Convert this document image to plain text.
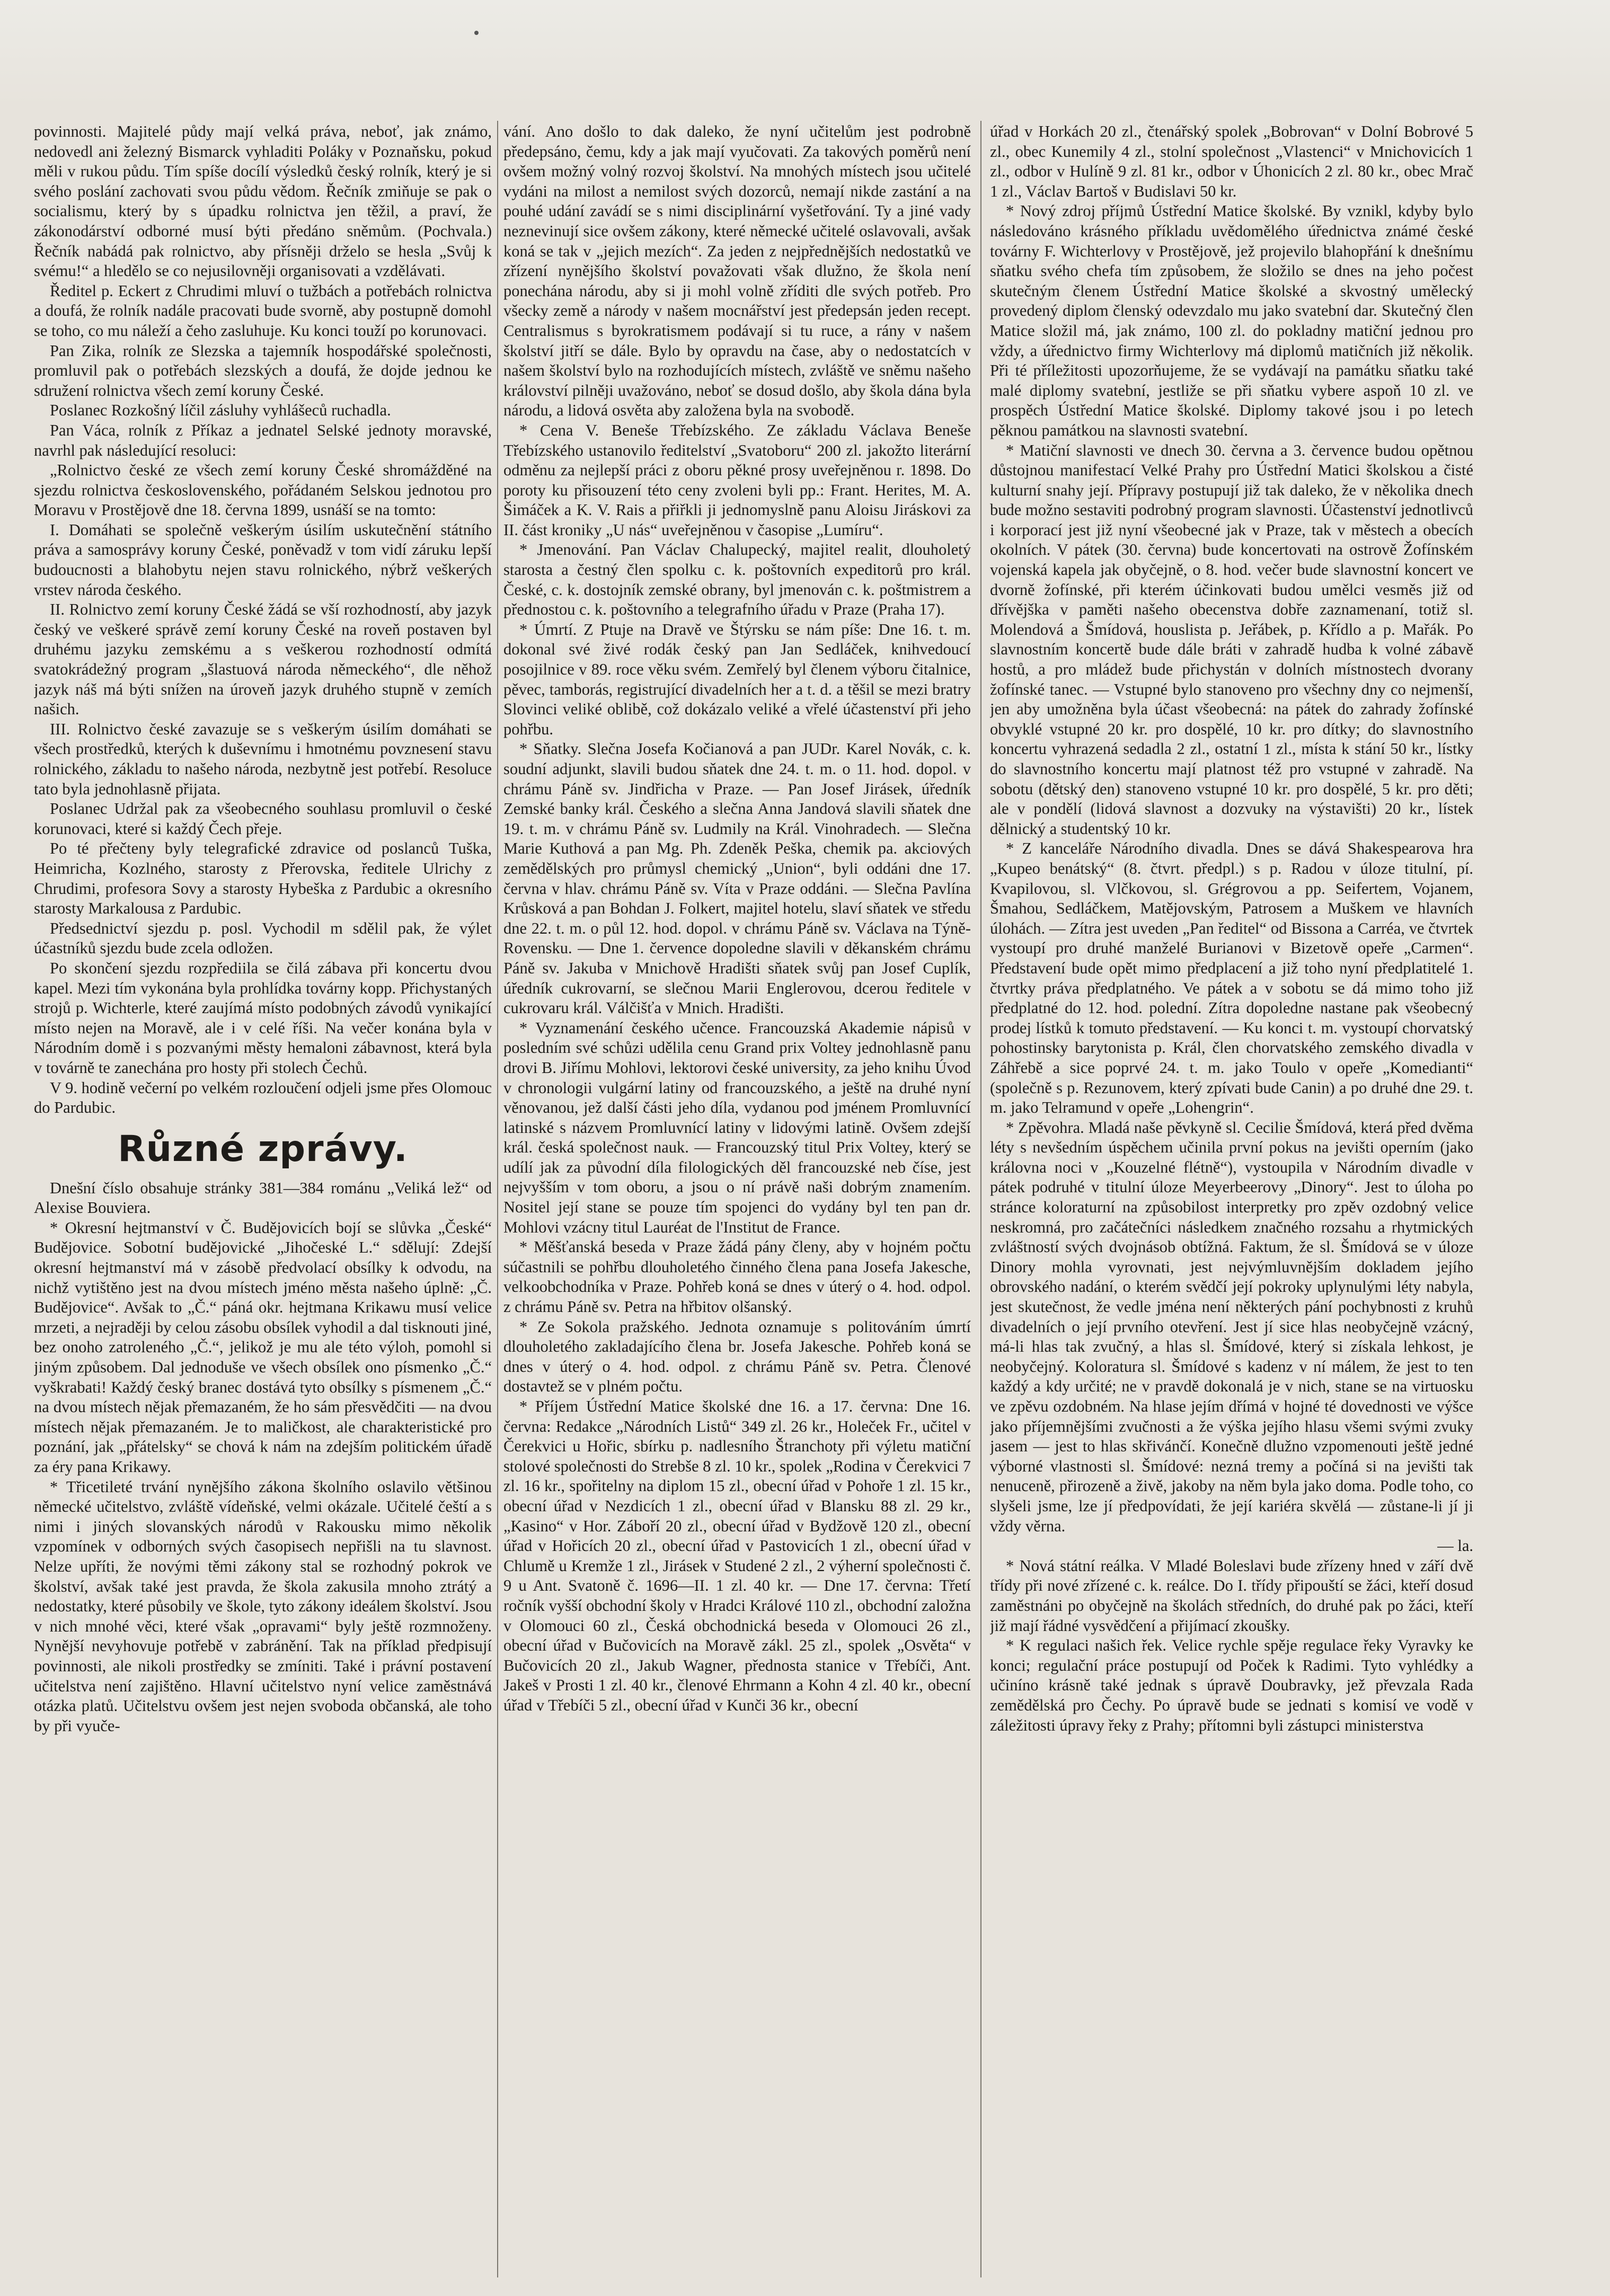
povinnosti. Majitelé půdy mají velká práva, neboť, jak známo, nedovedl ani železný Bismarck vyhladiti Poláky v Poznaňsku, pokud měli v rukou půdu. Tím spíše docílí výsledků český rolník, který je si svého poslání zachovati svou půdu vědom. Řečník zmiňuje se pak o socialismu, který by s úpadku rolnictva jen těžil, a praví, že zákonodárství odborné musí býti předáno sněmům. (Pochvala.) Řečník nabádá pak rolnictvo, aby přísněji drželo se hesla „Svůj k svému!“ a hledělo se co nejusilovněji organisovati a vzdělávati.

Ředitel p. Eckert z Chrudimi mluví o tužbách a potřebách rolnictva a doufá, že rolník nadále pracovati bude svorně, aby postupně domohl se toho, co mu náleží a čeho zasluhuje. Ku konci touží po korunovaci.

Pan Zika, rolník ze Slezska a tajemník hospodářské společnosti, promluvil pak o potřebách slezských a doufá, že dojde jednou ke sdružení rolnictva všech zemí koruny České.

Poslanec Rozkošný líčil zásluhy vyhlášeců ruchadla.

Pan Váca, rolník z Příkaz a jednatel Selské jednoty moravské, navrhl pak následující resoluci:

„Rolnictvo české ze všech zemí koruny České shromážděné na sjezdu rolnictva československého, pořádaném Selskou jednotou pro Moravu v Prostějově dne 18. června 1899, usnáší se na tomto:

I. Domáhati se společně veškerým úsilím uskutečnění státního práva a samosprávy koruny České, poněvadž v tom vidí záruku lepší budoucnosti a blahobytu nejen stavu rolnického, nýbrž veškerých vrstev národa českého.

II. Rolnictvo zemí koruny České žádá se vší rozhodností, aby jazyk český ve veškeré správě zemí koruny České na roveň postaven byl druhému jazyku zemskému a s veškerou rozhodností odmítá svatokrádežný program „šlastuová národa německého“, dle něhož jazyk náš má býti snížen na úroveň jazyk druhého stupně v zemích našich.

III. Rolnictvo české zavazuje se s veškerým úsilím domáhati se všech prostředků, kterých k duševnímu i hmotnému povznesení stavu rolnického, základu to našeho národa, nezbytně jest potřebí. Resoluce tato byla jednohlasně přijata.

Poslanec Udržal pak za všeobecného souhlasu promluvil o české korunovaci, které si každý Čech přeje.

Po té přečteny byly telegrafické zdravice od poslanců Tuška, Heimricha, Kozlného, starosty z Přerovska, ředitele Ulrichy z Chrudimi, profesora Sovy a starosty Hybeška z Pardubic a okresního starosty Markalousa z Pardubic.

Předsednictví sjezdu p. posl. Vychodil m sdělil pak, že výlet účastníků sjezdu bude zcela odložen.

Po skončení sjezdu rozpřediila se čilá zábava při koncertu dvou kapel. Mezi tím vykonána byla prohlídka továrny kopp. Přichystaných strojů p. Wichterle, které zaujímá místo podobných závodů vynikající místo nejen na Moravě, ale i v celé říši. Na večer konána byla v Národním domě i s pozvanými městy hemaloni zábavnost, která byla v továrně te zanechána pro hosty při stolech Čechů.

V 9. hodině večerní po velkém rozloučení odjeli jsme přes Olomouc do Pardubic.

Různé zprávy.

Dnešní číslo obsahuje stránky 381—384 románu „Veliká lež“ od Alexise Bouviera.

* Okresní hejtmanství v Č. Budějovicích bojí se slůvka „České“ Budějovice. Sobotní budějovické „Jihočeské L.“ sdělují: Zdejší okresní hejtmanství má v zásobě předvolací obsílky k odvodu, na nichž vytištěno jest na dvou místech jméno města našeho úplně: „Č. Budějovice“. Avšak to „Č.“ páná okr. hejtmana Krikawu musí velice mrzeti, a nejraději by celou zásobu obsílek vyhodil a dal tisknouti jiné, bez onoho zatroleného „Č.“, jelikož je mu ale této výloh, pomohl si jiným způsobem. Dal jednoduše ve všech obsílek ono písmenko „Č.“ vyškrabati! Každý český branec dostává tyto obsílky s písmenem „Č.“ na dvou místech nějak přemazaném, že ho sám přesvědčiti — na dvou místech nějak přemazaném. Je to maličkost, ale charakteristické pro poznání, jak „přátelsky“ se chová k nám na zdejším politickém úřadě za éry pana Krikawy.

* Třicetileté trvání nynějšího zákona školního oslavilo většinou německé učitelstvo, zvláště vídeňské, velmi okázale. Učitelé čeští a s nimi i jiných slovanských národů v Rakousku mimo několik vzpomínek v odborných svých časopisech nepřišli na tu slavnost. Nelze upříti, že novými těmi zákony stal se rozhodný pokrok ve školství, avšak také jest pravda, že škola zakusila mnoho ztrátý a nedostatky, které působily ve škole, tyto zákony ideálem školství. Jsou v nich mnohé věci, které však „opravami“ byly ještě rozmnoženy. Nynější nevyhovuje potřebě v zabránění. Tak na příklad předpisují povinnosti, ale nikoli prostředky se zmíniti. Také i právní postavení učitelstva není zajištěno. Hlavní učitelstvo nyní velice zaměstnává otázka platů. Učitelstvu ovšem jest nejen svoboda občanská, ale toho by při vyuče-

vání. Ano došlo to dak daleko, že nyní učitelům jest podrobně předepsáno, čemu, kdy a jak mají vyučovati. Za takových poměrů není ovšem možný volný rozvoj školství. Na mnohých místech jsou učitelé vydáni na milost a nemilost svých dozorců, nemají nikde zastání a na pouhé udání zavádí se s nimi disciplinární vyšetřování. Ty a jiné vady neznevinují sice ovšem zákony, které německé učitelé oslavovali, avšak koná se tak v „jejich mezích“. Za jeden z nejpřednějších nedostatků ve zřízení nynějšího školství považovati však dlužno, že škola není ponechána národu, aby si ji mohl volně zříditi dle svých potřeb. Pro všecky země a národy v našem mocnářství jest předepsán jeden recept. Centralismus s byrokratismem podávají si tu ruce, a rány v našem školství jitří se dále. Bylo by opravdu na čase, aby o nedostatcích v našem školství bylo na rozhodujících místech, zvláště ve sněmu našeho království pilněji uvažováno, neboť se dosud došlo, aby škola dána byla národu, a lidová osvěta aby založena byla na svobodě.

* Cena V. Beneše Třebízského. Ze základu Václava Beneše Třebízského ustanovilo ředitelství „Svatoboru“ 200 zl. jakožto literární odměnu za nejlepší práci z oboru pěkné prosy uveřejněnou r. 1898. Do poroty ku přisouzení této ceny zvoleni byli pp.: Frant. Herites, M. A. Šimáček a K. V. Rais a přiřkli ji jednomyslně panu Aloisu Jiráskovi za II. část kroniky „U nás“ uveřejněnou v časopise „Lumíru“.

* Jmenování. Pan Václav Chalupecký, majitel realit, dlouholetý starosta a čestný člen spolku c. k. poštovních expeditorů pro král. České, c. k. dostojník zemské obrany, byl jmenován c. k. poštmistrem a přednostou c. k. poštovního a telegrafního úřadu v Praze (Praha 17).

* Úmrtí. Z Ptuje na Dravě ve Štýrsku se nám píše: Dne 16. t. m. dokonal své živé rodák český pan Jan Sedláček, knihvedoucí posojilnice v 89. roce věku svém. Zemřelý byl členem výboru čitalnice, pěvec, tamborás, registrující divadelních her a t. d. a těšil se mezi bratry Slovinci veliké oblibě, což dokázalo veliké a vřelé účastenství při jeho pohřbu.

* Sňatky. Slečna Josefa Kočianová a pan JUDr. Karel Novák, c. k. soudní adjunkt, slavili budou sňatek dne 24. t. m. o 11. hod. dopol. v chrámu Páně sv. Jindřicha v Praze. — Pan Josef Jirásek, úředník Zemské banky král. Českého a slečna Anna Jandová slavili sňatek dne 19. t. m. v chrámu Páně sv. Ludmily na Král. Vinohradech. — Slečna Marie Kuthová a pan Mg. Ph. Zdeněk Peška, chemik pa. akciových zemědělských pro průmysl chemický „Union“, byli oddáni dne 17. června v hlav. chrámu Páně sv. Víta v Praze oddáni. — Slečna Pavlína Krůsková a pan Bohdan J. Folkert, majitel hotelu, slaví sňatek ve středu dne 22. t. m. o půl 12. hod. dopol. v chrámu Páně sv. Václava na Týně-Rovensku. — Dne 1. července dopoledne slavili v děkanském chrámu Páně sv. Jakuba v Mnichově Hradišti sňatek svůj pan Josef Cuplík, úředník cukrovarní, se slečnou Marii Englerovou, dcerou ředitele v cukrovaru král. Válčišťa v Mnich. Hradišti.

* Vyznamenání českého učence. Francouzská Akademie nápisů v posledním své schůzi udělila cenu Grand prix Voltey jednohlasně panu drovi B. Jiřímu Mohlovi, lektorovi české university, za jeho knihu Úvod v chronologii vulgární latiny od francouzského, a ještě na druhé nyní věnovanou, jež další části jeho díla, vydanou pod jménem Promluvnící latinské s názvem Promluvnící latiny v lidovými latině. Ovšem zdejší král. česká společnost nauk. — Francouzský titul Prix Voltey, který se udílí jak za původní díla filologických děl francouzské neb číse, jest nejvyšším v tom oboru, a jsou o ní právě naši dobrým znamením. Nositel její stane se pouze tím spojenci do vydány byl ten pan dr. Mohlovi vzácny titul Lauréat de l'Institut de France.

* Měšťanská beseda v Praze žádá pány členy, aby v hojném počtu súčastnili se pohřbu dlouholetého činného člena pana Josefa Jakesche, velkoobchodníka v Praze. Pohřeb koná se dnes v úterý o 4. hod. odpol. z chrámu Páně sv. Petra na hřbitov olšanský.

* Ze Sokola pražského. Jednota oznamuje s politováním úmrtí dlouholetého zakladajícího člena br. Josefa Jakesche. Pohřeb koná se dnes v úterý o 4. hod. odpol. z chrámu Páně sv. Petra. Členové dostavtež se v plném počtu.

* Příjem Ústřední Matice školské dne 16. a 17. června: Dne 16. června: Redakce „Národních Listů“ 349 zl. 26 kr., Holeček Fr., učitel v Čerekvici u Hořic, sbírku p. nadlesního Štranchoty při výletu matiční stolové společnosti do Strebše 8 zl. 10 kr., spolek „Rodina v Čerekvici 7 zl. 16 kr., spořitelny na diplom 15 zl., obecní úřad v Pohoře 1 zl. 15 kr., obecní úřad v Nezdicích 1 zl., obecní úřad v Blansku 88 zl. 29 kr., „Kasino“ v Hor. Záboří 20 zl., obecní úřad v Bydžově 120 zl., obecní úřad v Hořicích 20 zl., obecní úřad v Pastovicích 1 zl., obecní úřad v Chlumě u Kremže 1 zl., Jirásek v Studené 2 zl., 2 výherní společnosti č. 9 u Ant. Svatoně č. 1696—II. 1 zl. 40 kr. — Dne 17. června: Třetí ročník vyšší obchodní školy v Hradci Králové 110 zl., obchodní založna v Olomouci 60 zl., Česká obchodnická beseda v Olomouci 26 zl., obecní úřad v Bučovicích na Moravě zákl. 25 zl., spolek „Osvěta“ v Bučovicích 20 zl., Jakub Wagner, přednosta stanice v Třebíči, Ant. Jakeš v Prosti 1 zl. 40 kr., členové Ehrmann a Kohn 4 zl. 40 kr., obecní úřad v Třebíči 5 zl., obecní úřad v Kunči 36 kr., obecní

úřad v Horkách 20 zl., čtenářský spolek „Bobrovan“ v Dolní Bobrové 5 zl., obec Kunemily 4 zl., stolní společnost „Vlastenci“ v Mnichovicích 1 zl., odbor v Hulíně 9 zl. 81 kr., odbor v Úhonicích 2 zl. 80 kr., obec Mrač 1 zl., Václav Bartoš v Budislavi 50 kr.

* Nový zdroj příjmů Ústřední Matice školské. By vznikl, kdyby bylo následováno krásného příkladu uvědomělého úřednictva známé české továrny F. Wichterlovy v Prostějově, jež projevilo blahopřání k dnešnímu sňatku svého chefa tím způsobem, že složilo se dnes na jeho počest skutečným členem Ústřední Matice školské a skvostný umělecký provedený diplom členský odevzdalo mu jako svatební dar. Skutečný člen Matice složil má, jak známo, 100 zl. do pokladny matiční jednou pro vždy, a úřednictvo firmy Wichterlovy má diplomů matičních již několik. Při té příležitosti upozorňujeme, že se vydávají na památku sňatku také malé diplomy svatební, jestliže se při sňatku vybere aspoň 10 zl. ve prospěch Ústřední Matice školské. Diplomy takové jsou i po letech pěknou památkou na slavnosti svatební.

* Matiční slavnosti ve dnech 30. června a 3. července budou opětnou důstojnou manifestací Velké Prahy pro Ústřední Matici školskou a čisté kulturní snahy její. Přípravy postupují již tak daleko, že v několika dnech bude možno sestaviti podrobný program slavnosti. Účastenství jednotlivců i korporací jest již nyní všeobecné jak v Praze, tak v městech a obecích okolních. V pátek (30. června) bude koncertovati na ostrově Žofínském vojenská kapela jak obyčejně, o 8. hod. večer bude slavnostní koncert ve dvorně žofínské, při kterém účinkovati budou umělci vesměs již od dřívějška v paměti našeho obecenstva dobře zaznamenaní, totiž sl. Molendová a Šmídová, houslista p. Jeřábek, p. Křídlo a p. Mařák. Po slavnostním koncertě bude dále bráti v zahradě hudba k volné zábavě hostů, a pro mládež bude přichystán v dolních místnostech dvorany žofínské tanec. — Vstupné bylo stanoveno pro všechny dny co nejmenší, jen aby umožněna byla účast všeobecná: na pátek do zahrady žofínské obvyklé vstupné 20 kr. pro dospělé, 10 kr. pro dítky; do slavnostního koncertu vyhrazená sedadla 2 zl., ostatní 1 zl., místa k stání 50 kr., lístky do slavnostního koncertu mají platnost též pro vstupné v zahradě. Na sobotu (dětský den) stanoveno vstupné 10 kr. pro dospělé, 5 kr. pro děti; ale v pondělí (lidová slavnost a dozvuky na výstavišti) 20 kr., lístek dělnický a studentský 10 kr.

* Z kanceláře Národního divadla. Dnes se dává Shakespearova hra „Kupeo benátský“ (8. čtvrt. předpl.) s p. Radou v úloze titulní, pí. Kvapilovou, sl. Vlčkovou, sl. Grégrovou a pp. Seifertem, Vojanem, Šmahou, Sedláčkem, Matějovským, Patrosem a Muškem ve hlavních úlohách. — Zítra jest uveden „Pan ředitel“ od Bissona a Carréa, ve čtvrtek vystoupí pro druhé manželé Burianovi v Bizetově opeře „Carmen“. Představení bude opět mimo předplacení a již toho nyní předplatitelé 1. čtvrtky práva předplatného. Ve pátek a v sobotu se dá mimo toho již předplatné do 12. hod. polední. Zítra dopoledne nastane pak všeobecný prodej lístků k tomuto představení. — Ku konci t. m. vystoupí chorvatský pohostinsky barytonista p. Král, člen chorvatského zemského divadla v Záhřebě a sice poprvé 24. t. m. jako Toulo v opeře „Komedianti“ (společně s p. Rezunovem, který zpívati bude Canin) a po druhé dne 29. t. m. jako Telramund v opeře „Lohengrin“.

* Zpěvohra. Mladá naše pěvkyně sl. Cecilie Šmídová, která před dvěma léty s nevšedním úspěchem učinila první pokus na jevišti operním (jako královna noci v „Kouzelné flétně“), vystoupila v Národním divadle v pátek podruhé v titulní úloze Meyerbeerovy „Dinory“. Jest to úloha po stránce koloraturní na způsobilost interpretky pro zpěv ozdobný velice neskromná, pro začátečníci následkem značného rozsahu a rhytmických zvláštností svých dvojnásob obtížná. Faktum, že sl. Šmídová se v úloze Dinory mohla vyrovnati, jest nejvýmluvnějším dokladem jejího obrovského nadání, o kterém svědčí její pokroky uplynulými léty nabyla, jest skutečnost, že vedle jména není některých pání pochybnosti z kruhů divadelních o její prvního otevření. Jest jí sice hlas neobyčejně vzácný, má-li hlas tak zvučný, a hlas sl. Šmídové, který si získala lehkost, je neobyčejný. Koloratura sl. Šmídové s kadenz v ní málem, že jest to ten každý a kdy určité; ne v pravdě dokonalá je v nich, stane se na virtuosku ve zpěvu ozdobném. Na hlase jejím dřímá v hojné té dovednosti ve výšce jako příjemnějšími zvučnosti a že výška jejího hlasu všemi svými zvuky jasem — jest to hlas skřivánčí. Konečně dlužno vzpomenouti ještě jedné výborné vlastnosti sl. Šmídové: nezná tremy a počíná si na jevišti tak nenuceně, přirozeně a živě, jakoby na něm byla jako doma. Podle toho, co slyšeli jsme, lze jí předpovídati, že její kariéra skvělá — zůstane-li jí ji vždy věrna.

— la.

* Nová státní reálka. V Mladé Boleslavi bude zřízeny hned v září dvě třídy při nové zřízené c. k. reálce. Do I. třídy připouští se žáci, kteří dosud zaměstnáni po obyčejně na školách středních, do druhé pak po žáci, kteří již mají řádné vysvědčení a přijímací zkoušky.

* K regulaci našich řek. Velice rychle spěje regulace řeky Vyravky ke konci; regulační práce postupují od Poček k Radimi. Tyto vyhlédky a učiníno krásně také jednak s úpravě Doubravky, jež převzala Rada zemědělská pro Čechy. Po úpravě bude se jednati s komisí ve vodě v záležitosti úpravy řeky z Prahy; přítomni byli zástupci ministerstva
